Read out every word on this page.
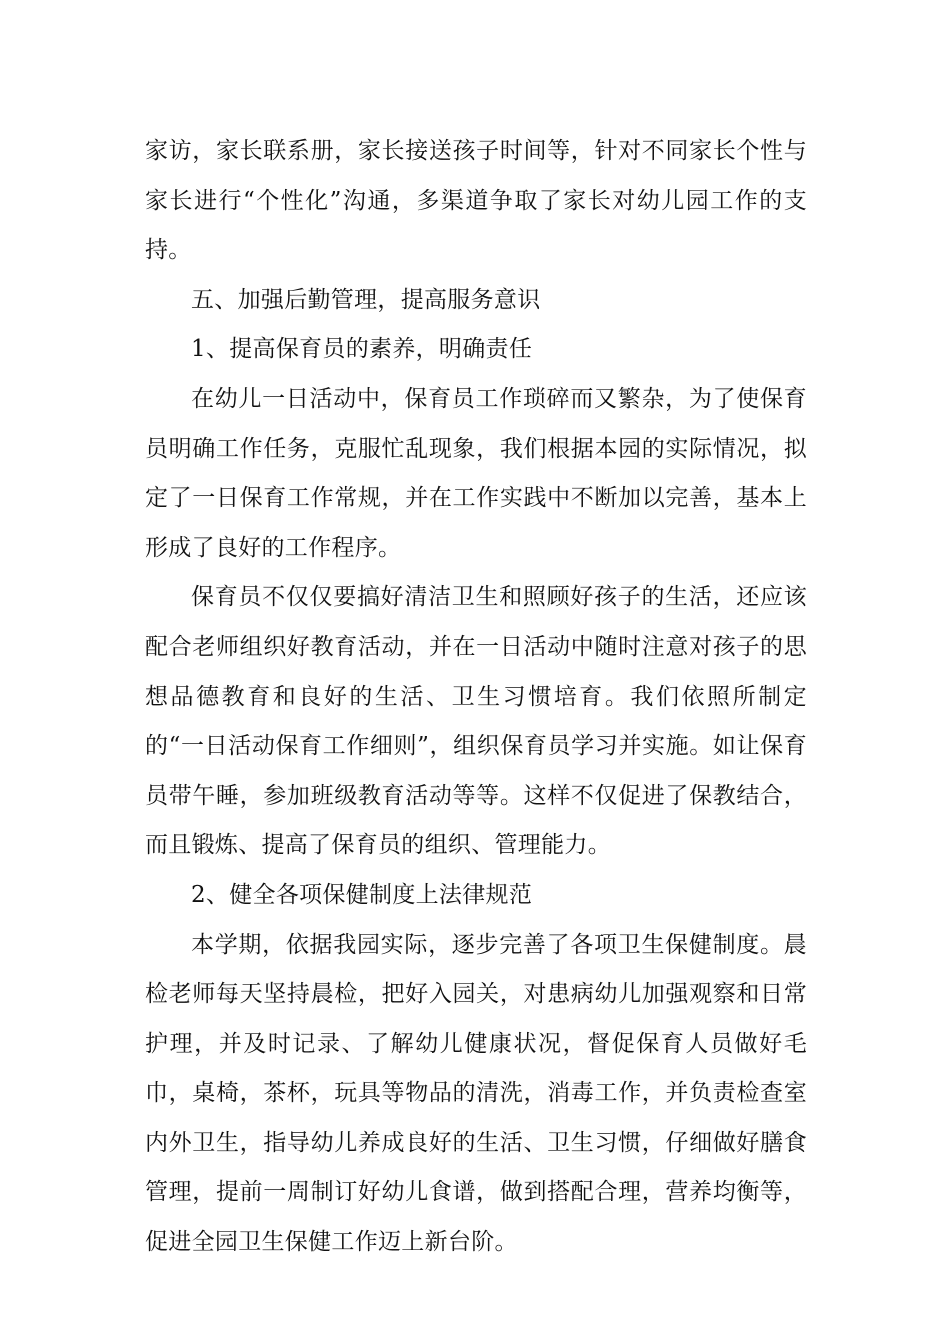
家访，家长联系册，家长接送孩子时间等，针对不同家长个性与家长进行“个性化”沟通，多渠道争取了家长对幼儿园工作的支持。

五、加强后勤管理，提高服务意识

1、提高保育员的素养，明确责任

在幼儿一日活动中，保育员工作琐碎而又繁杂，为了使保育员明确工作任务，克服忙乱现象，我们根据本园的实际情况，拟定了一日保育工作常规，并在工作实践中不断加以完善，基本上形成了良好的工作程序。

保育员不仅仅要搞好清洁卫生和照顾好孩子的生活，还应该配合老师组织好教育活动，并在一日活动中随时注意对孩子的思想品德教育和良好的生活、卫生习惯培育。我们依照所制定的“一日活动保育工作细则”，组织保育员学习并实施。如让保育员带午睡，参加班级教育活动等等。这样不仅促进了保教结合，而且锻炼、提高了保育员的组织、管理能力。

2、健全各项保健制度上法律规范

本学期，依据我园实际，逐步完善了各项卫生保健制度。晨检老师每天坚持晨检，把好入园关，对患病幼儿加强观察和日常护理，并及时记录、了解幼儿健康状况，督促保育人员做好毛巾，桌椅，茶杯，玩具等物品的清洗，消毒工作，并负责检查室内外卫生，指导幼儿养成良好的生活、卫生习惯，仔细做好膳食管理，提前一周制订好幼儿食谱，做到搭配合理，营养均衡等，促进全园卫生保健工作迈上新台阶。
